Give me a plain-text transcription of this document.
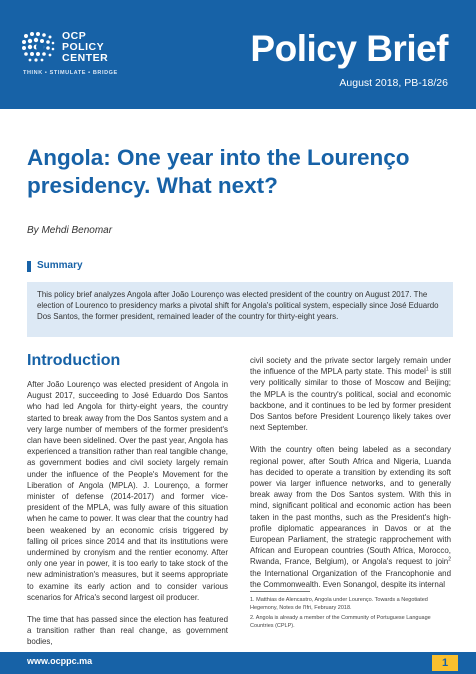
OCP
POLICY
CENTER
THINK • STIMULATE • BRIDGE
Policy Brief
August 2018, PB-18/26
Angola: One year into the Lourenço presidency. What next?
By Mehdi Benomar
Summary

This policy brief analyzes Angola after João Lourenço was elected president of the country on August 2017. The election of Lourenco to presidency marks a pivotal shift for Angola's political system, especially since José Eduardo Dos Santos, the former president, remained leader of the country for thirty-eight years.

Introduction

After João Lourenço was elected president of Angola in August 2017, succeeding to José Eduardo Dos Santos who had led Angola for thirty-eight years, the country started to break away from the Dos Santos system and a very large number of members of the former president's clan have been sidelined. Over the past year, Angola has experienced a transition rather than real tangible change, as government bodies and civil society largely remain under the influence of the People's Movement for the Liberation of Angola (MPLA). J. Lourenço, a former minister of defense (2014-2017) and former vice-president of the MPLA, was fully aware of this situation when he came to power. It was clear that the country had been weakened by an economic crisis triggered by falling oil prices since 2014 and that its institutions were undermined by cronyism and the rentier economy. After only one year in power, it is too early to take stock of the new administration's measures, but it seems appropriate to examine its early action and to consider various scenarios for Africa's second largest oil producer.

The time that has passed since the election has featured a transition rather than real change, as government bodies,

civil society and the private sector largely remain under the influence of the MPLA party state. This model$^1$ is still very politically similar to those of Moscow and Beijing; the MPLA is the country's political, social and economic backbone, and it continues to be led by former president Dos Santos before President Lourenço likely takes over next September.

With the country often being labeled as a secondary regional power, after South Africa and Nigeria, Luanda has decided to operate a transition by extending its soft power via larger influence networks, and to generally break away from the Dos Santos system. With this in mind, significant political and economic action has been taken in the past months, such as the President's high-profile diplomatic appearances in Davos or at the European Parliament, the strategic rapprochement with African and European countries (South Africa, Morocco, Rwanda, France, Belgium), or Angola's request to join$^2$ the International Organization of the Francophonie and the Commonwealth. Even Sonangol, despite its internal

1. Matthias de Alencastro, Angola under Lourenço. Towards a Negotiated Hegemony, Notes de l'Ifri, February 2018.

2. Angola is already a member of the Community of Portuguese Language Countries (CPLP).

www.ocppc.ma	1
